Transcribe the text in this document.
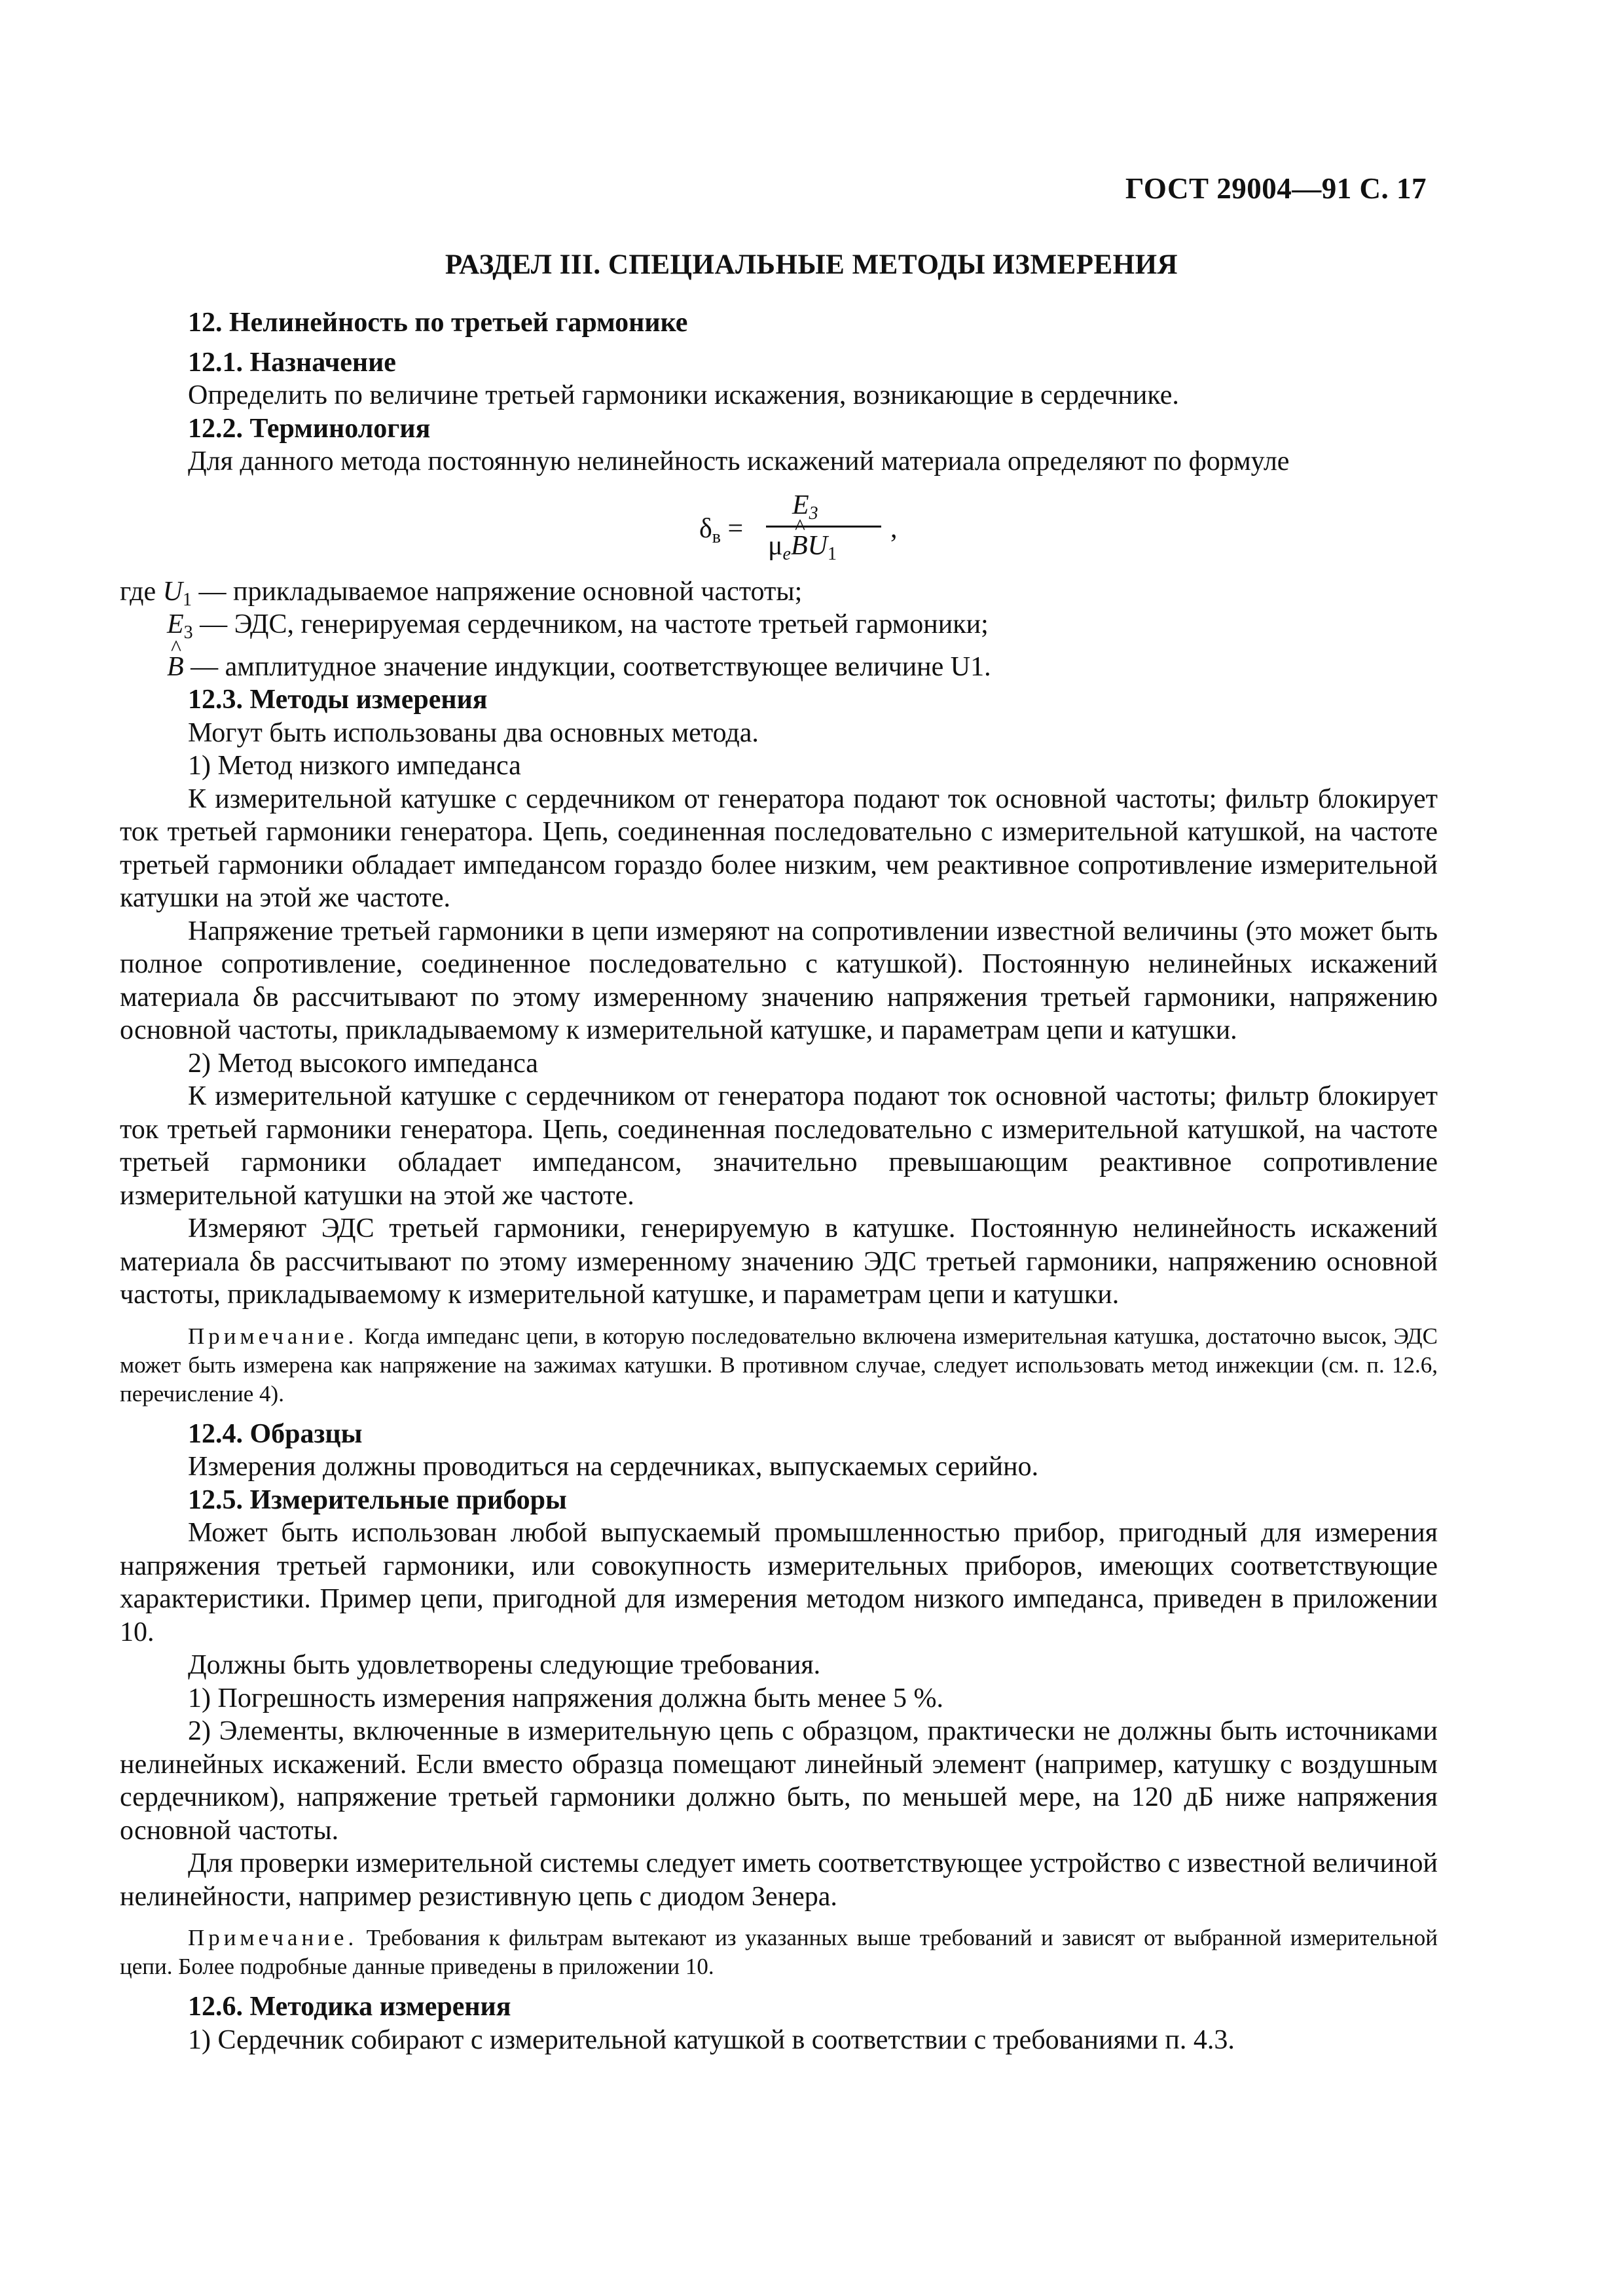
ГОСТ 29004—91 С. 17
РАЗДЕЛ III. СПЕЦИАЛЬНЫЕ МЕТОДЫ ИЗМЕРЕНИЯ

12. Нелинейность по третьей гармонике

12.1. Назначение

Определить по величине третьей гармоники искажения, возникающие в сердечнике.

12.2. Терминология

Для данного метода постоянную нелинейность искажений материала определяют по формуле

$\delta_в$ =
$E_3$
$\mu_e\^{}$ $BU_1$
,

где $U_1$ — прикладываемое напряжение основной частоты;

$E_3$ — ЭДС, генерируемая сердечником, на частоте третьей гармоники;

^ B — амплитудное значение индукции, соответствующее величине U1.

12.3. Методы измерения

Могут быть использованы два основных метода.

1) Метод низкого импеданса

К измерительной катушке с сердечником от генератора подают ток основной частоты; фильтр блокирует ток третьей гармоники генератора. Цепь, соединенная последовательно с измерительной катушкой, на частоте третьей гармоники обладает импедансом гораздо более низким, чем реактивное сопротивление измерительной катушки на этой же частоте.

Напряжение третьей гармоники в цепи измеряют на сопротивлении известной величины (это может быть полное сопротивление, соединенное последовательно с катушкой). Постоянную нелинейных искажений материала δв рассчитывают по этому измеренному значению напряжения третьей гармоники, напряжению основной частоты, прикладываемому к измерительной катушке, и параметрам цепи и катушки.

2) Метод высокого импеданса

К измерительной катушке с сердечником от генератора подают ток основной частоты; фильтр блокирует ток третьей гармоники генератора. Цепь, соединенная последовательно с измерительной катушкой, на частоте третьей гармоники обладает импедансом, значительно превышающим реактивное сопротивление измерительной катушки на этой же частоте.

Измеряют ЭДС третьей гармоники, генерируемую в катушке. Постоянную нелинейность искажений материала δв рассчитывают по этому измеренному значению ЭДС третьей гармоники, напряжению основной частоты, прикладываемому к измерительной катушке, и параметрам цепи и катушки.

Примечание. Когда импеданс цепи, в которую последовательно включена измерительная катушка, достаточно высок, ЭДС может быть измерена как напряжение на зажимах катушки. В противном случае, следует использовать метод инжекции (см. п. 12.6, перечисление 4).

12.4. Образцы

Измерения должны проводиться на сердечниках, выпускаемых серийно.

12.5. Измерительные приборы

Может быть использован любой выпускаемый промышленностью прибор, пригодный для измерения напряжения третьей гармоники, или совокупность измерительных приборов, имеющих соответствующие характеристики. Пример цепи, пригодной для измерения методом низкого импеданса, приведен в приложении 10.

Должны быть удовлетворены следующие требования.

1) Погрешность измерения напряжения должна быть менее 5 %.

2) Элементы, включенные в измерительную цепь с образцом, практически не должны быть источниками нелинейных искажений. Если вместо образца помещают линейный элемент (например, катушку с воздушным сердечником), напряжение третьей гармоники должно быть, по меньшей мере, на 120 дБ ниже напряжения основной частоты.

Для проверки измерительной системы следует иметь соответствующее устройство с известной величиной нелинейности, например резистивную цепь с диодом Зенера.

Примечание. Требования к фильтрам вытекают из указанных выше требований и зависят от выбранной измерительной цепи. Более подробные данные приведены в приложении 10.

12.6. Методика измерения

1) Сердечник собирают с измерительной катушкой в соответствии с требованиями п. 4.3.
